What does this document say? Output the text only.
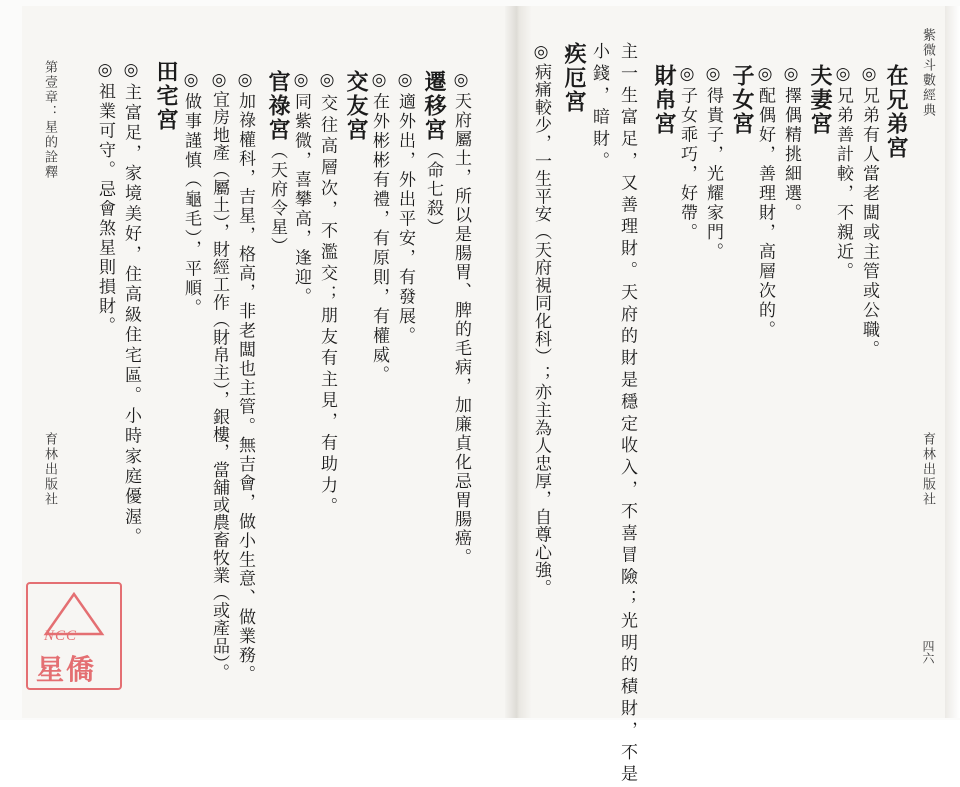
紫微斗數經典
育林出版社
四六
在兄弟宮
◎兄弟有人當老闆或主管或公職。
◎兄弟善計較，不親近。
夫妻宮
◎擇偶精挑細選。
◎配偶好，善理財，高層次的。
子女宮
◎得貴子，光耀家門。
◎子女乖巧，好帶。
財帛宮
主一生富足，又善理財。天府的財是穩定收入，不喜冒險；光明的積財，不是
小錢，暗財。
疾厄宮
◎病痛較少，一生平安（天府視同化科）；亦主為人忠厚，自尊心強。
◎天府屬土，所以是腸胃、脾的毛病，加廉貞化忌胃腸癌。
遷移宮（命七殺）
◎適外出，外出平安，有發展。
◎在外彬彬有禮，有原則，有權威。
交友宮
◎交往高層次，不濫交；朋友有主見，有助力。
◎同紫微，喜攀高，逢迎。
官祿宮（天府令星）
◎加祿權科，吉星，格高，非老闆也主管。無吉會，做小生意、做業務。
◎宜房地產（屬土），財經工作（財帛主），銀樓，當舖或農畜牧業（或產品）。
◎做事謹慎（龜毛），平順。
田宅宮
◎主富足，家境美好，住高級住宅區。小時家庭優渥。
◎祖業可守。忌會煞星則損財。
第壹章：星的詮釋
育林出版社
NCC
星僑
